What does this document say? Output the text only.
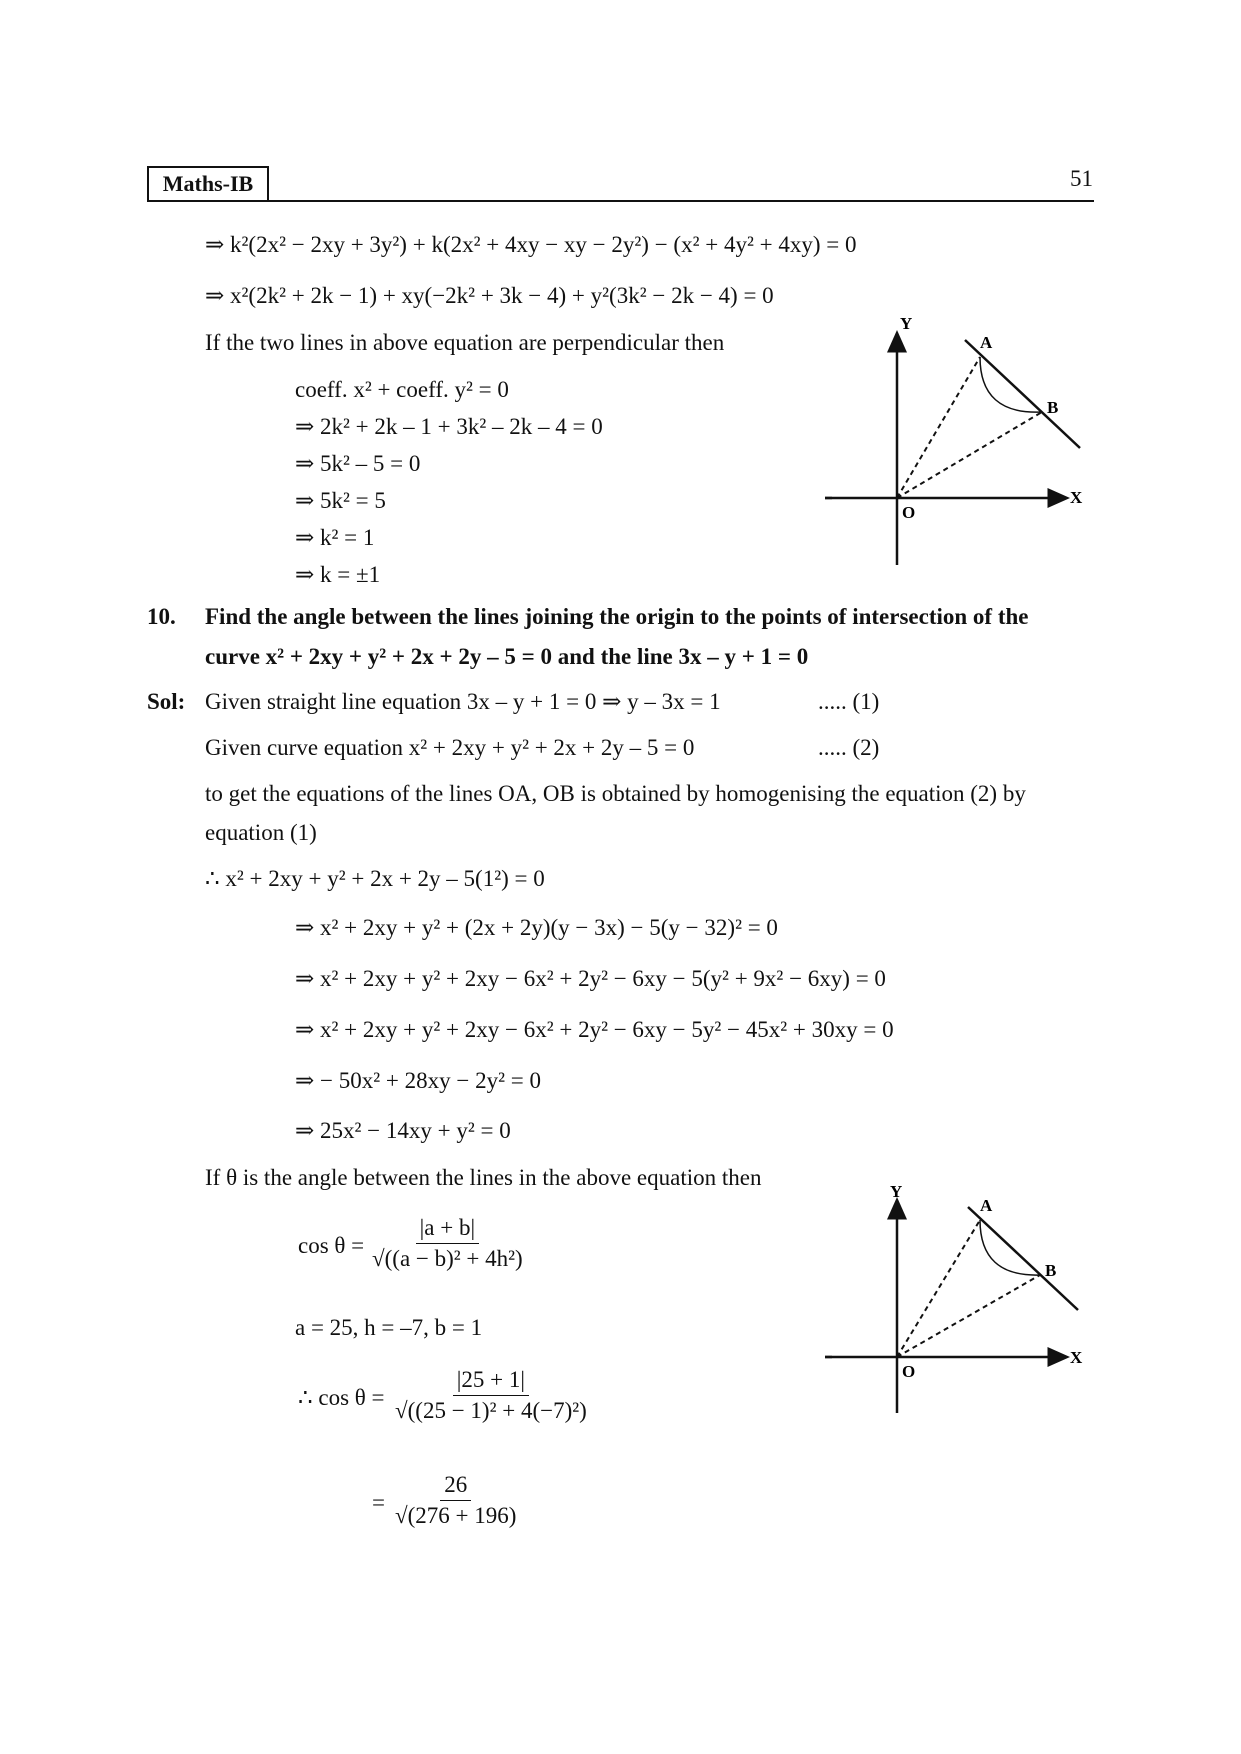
Maths-IB	51
⇒ k²(2x² − 2xy + 3y²) + k(2x² + 4xy − xy − 2y²) − (x² + 4y² + 4xy) = 0
⇒ x²(2k² + 2k − 1) + xy(−2k² + 3k − 4) + y²(3k² − 2k − 4) = 0
If the two lines in above equation are perpendicular then
coeff. x² + coeff. y² = 0
⇒ 2k² + 2k – 1 + 3k² – 2k – 4 = 0
⇒ 5k² – 5 = 0
⇒ 5k² = 5
⇒ k² = 1
⇒ k = ±1
Y
X
O
A
B
10. Find the angle between the lines joining the origin to the points of intersection of the
curve x² + 2xy + y² + 2x + 2y – 5 = 0 and the line 3x – y + 1 = 0
Sol: Given straight line equation 3x – y + 1 = 0 ⇒ y – 3x = 1	..... (1)
Given curve equation x² + 2xy + y² + 2x + 2y – 5 = 0	..... (2)
to get the equations of the lines OA, OB is obtained by homogenising the equation (2) by
equation (1)
∴ x² + 2xy + y² + 2x + 2y – 5(1²) = 0
⇒ x² + 2xy + y² + (2x + 2y)(y − 3x) − 5(y − 32)² = 0
⇒ x² + 2xy + y² + 2xy − 6x² + 2y² − 6xy − 5(y² + 9x² − 6xy) = 0
⇒ x² + 2xy + y² + 2xy − 6x² + 2y² − 6xy − 5y² − 45x² + 30xy = 0
⇒ − 50x² + 28xy − 2y² = 0
⇒ 25x² − 14xy + y² = 0
If θ is the angle between the lines in the above equation then
$\cos \theta = \frac{|a + b|}{\text{√((a − b)² + 4h²)}}$
a = 25, h = –7, b = 1
∴ $\cos \theta = \frac{|25 + 1|}{\text{√((25 − 1)² + 4(−7)²)}}$
= $\frac{26}{√(276 + 196)}$
Y
X
O
A
B
